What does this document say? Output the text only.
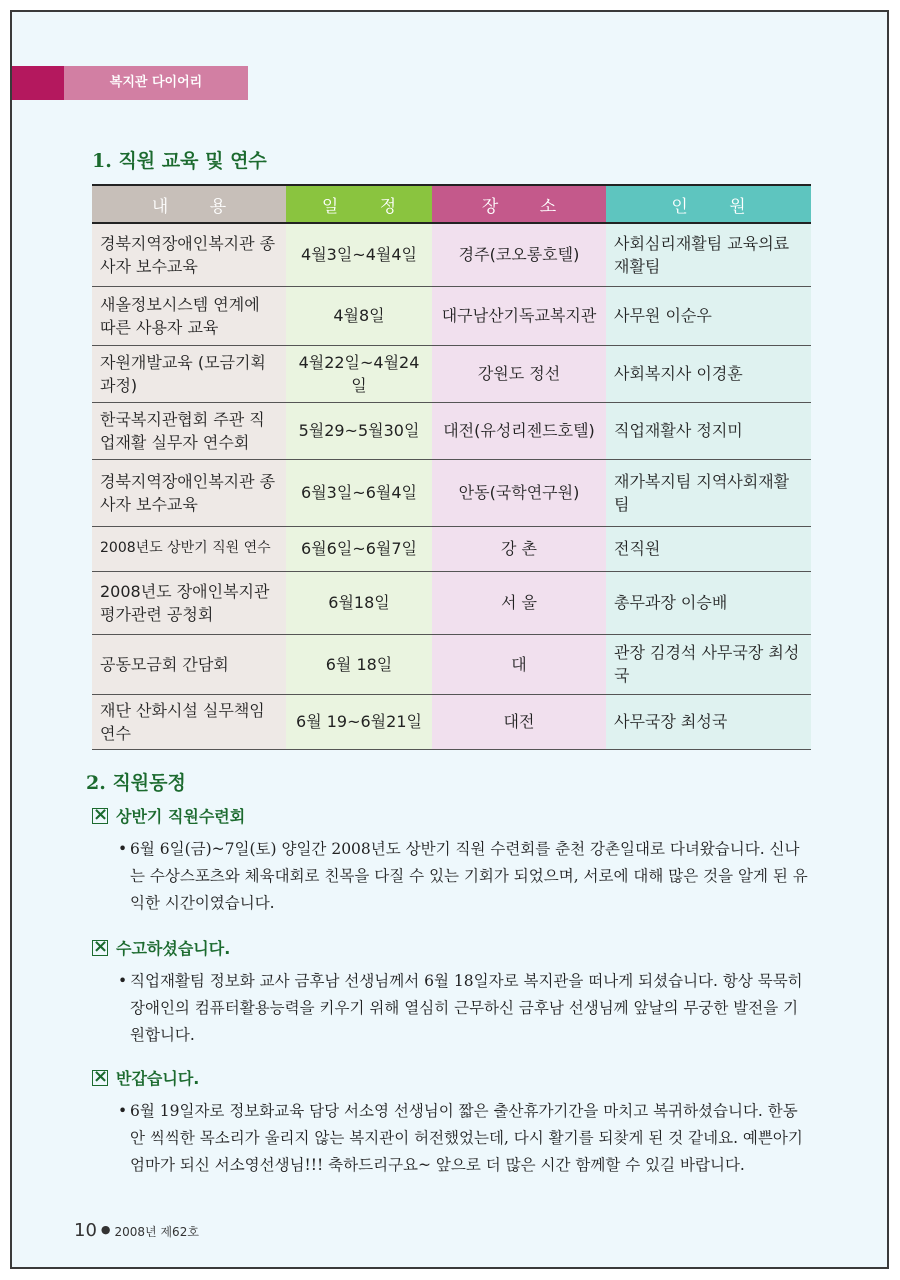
복지관 다이어리
1. 직원 교육 및 연수
내 용	일 정	장 소	인 원
경북지역장애인복지관 종사자 보수교육	4월3일~4월4일	경주(코오롱호텔)	사회심리재활팀 교육의료재활팀
새올정보시스템 연계에 따른 사용자 교육	4월8일	대구남산기독교복지관	사무원 이순우
자원개발교육 (모금기획과정)	4월22일~4월24일	강원도 정선	사회복지사 이경훈
한국복지관협회 주관 직업재활 실무자 연수회	5월29~5월30일	대전(유성리젠드호텔)	직업재활사 정지미
경북지역장애인복지관 종사자 보수교육	6월3일~6월4일	안동(국학연구원)	재가복지팀 지역사회재활팀
2008년도 상반기 직원 연수	6월6일~6월7일	강 촌	전직원
2008년도 장애인복지관 평가관련 공청회	6월18일	서 울	총무과장 이승배
공동모금회 간담회	6월 18일	대	관장 김경석 사무국장 최성국
재단 산화시설 실무책임연수	6월 19~6월21일	대전	사무국장 최성국
2. 직원동정
×상반기 직원수련회
• 6월 6일(금)~7일(토) 양일간 2008년도 상반기 직원 수련회를 춘천 강촌일대로 다녀왔습니다. 신나는 수상스포츠와 체육대회로 친목을 다질 수 있는 기회가 되었으며, 서로에 대해 많은 것을 알게 된 유익한 시간이였습니다.
×수고하셨습니다.
• 직업재활팀 정보화 교사 금후남 선생님께서 6월 18일자로 복지관을 떠나게 되셨습니다. 항상 묵묵히 장애인의 컴퓨터활용능력을 키우기 위해 열심히 근무하신 금후남 선생님께 앞날의 무궁한 발전을 기원합니다.
×반갑습니다.
• 6월 19일자로 정보화교육 담당 서소영 선생님이 짧은 출산휴가기간을 마치고 복귀하셨습니다. 한동안 씩씩한 목소리가 울리지 않는 복지관이 허전했었는데, 다시 활기를 되찾게 된 것 같네요. 예쁜아기엄마가 되신 서소영선생님!!! 축하드리구요~ 앞으로 더 많은 시간 함께할 수 있길 바랍니다.
10 ● 2008년 제62호
